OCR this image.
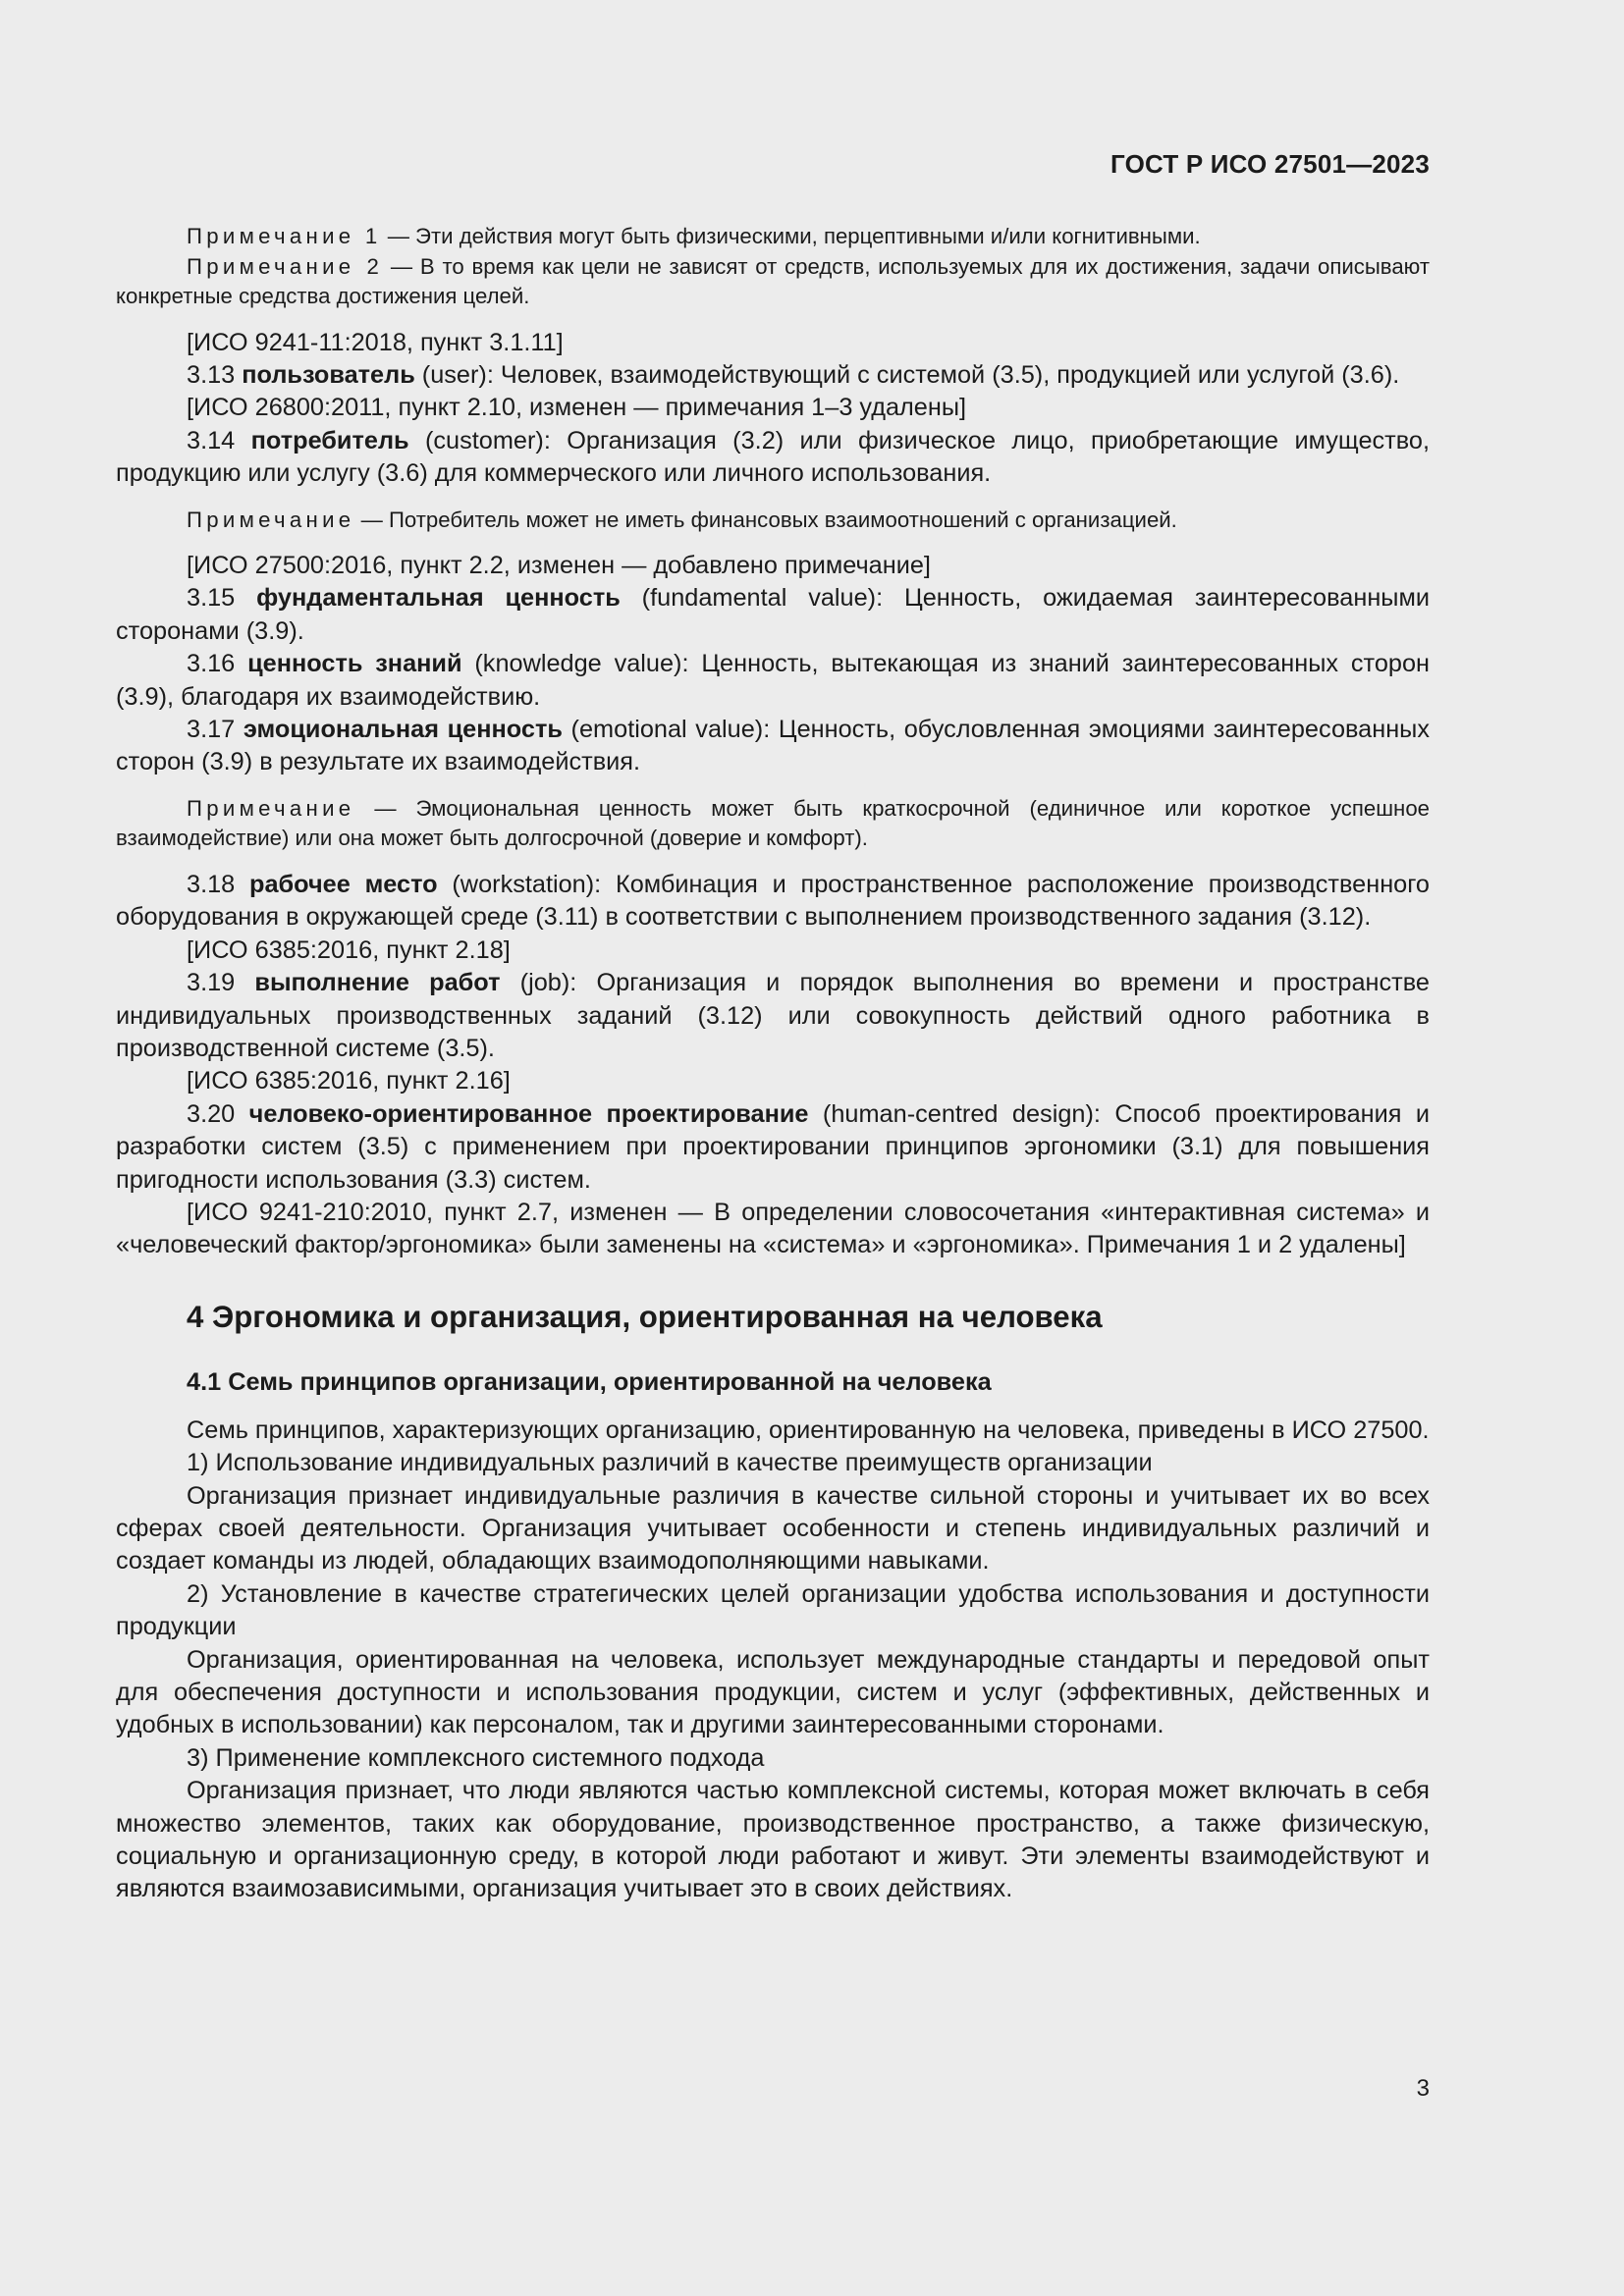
ГОСТ Р ИСО 27501—2023

Примечание 1 — Эти действия могут быть физическими, перцептивными и/или когнитивными.

Примечание 2 — В то время как цели не зависят от средств, используемых для их достижения, задачи описывают конкретные средства достижения целей.

[ИСО 9241-11:2018, пункт 3.1.11]

3.13 пользователь (user): Человек, взаимодействующий с системой (3.5), продукцией или услугой (3.6).

[ИСО 26800:2011, пункт 2.10, изменен — примечания 1–3 удалены]

3.14 потребитель (customer): Организация (3.2) или физическое лицо, приобретающие имущество, продукцию или услугу (3.6) для коммерческого или личного использования.

Примечание — Потребитель может не иметь финансовых взаимоотношений с организацией.

[ИСО 27500:2016, пункт 2.2, изменен — добавлено примечание]

3.15 фундаментальная ценность (fundamental value): Ценность, ожидаемая заинтересованными сторонами (3.9).

3.16 ценность знаний (knowledge value): Ценность, вытекающая из знаний заинтересованных сторон (3.9), благодаря их взаимодействию.

3.17 эмоциональная ценность (emotional value): Ценность, обусловленная эмоциями заинтересованных сторон (3.9) в результате их взаимодействия.

Примечание — Эмоциональная ценность может быть краткосрочной (единичное или короткое успешное взаимодействие) или она может быть долгосрочной (доверие и комфорт).

3.18 рабочее место (workstation): Комбинация и пространственное расположение производственного оборудования в окружающей среде (3.11) в соответствии с выполнением производственного задания (3.12).

[ИСО 6385:2016, пункт 2.18]

3.19 выполнение работ (job): Организация и порядок выполнения во времени и пространстве индивидуальных производственных заданий (3.12) или совокупность действий одного работника в производственной системе (3.5).

[ИСО 6385:2016, пункт 2.16]

3.20 человеко-ориентированное проектирование (human-centred design): Способ проектирования и разработки систем (3.5) с применением при проектировании принципов эргономики (3.1) для повышения пригодности использования (3.3) систем.

[ИСО 9241-210:2010, пункт 2.7, изменен — В определении словосочетания «интерактивная система» и «человеческий фактор/эргономика» были заменены на «система» и «эргономика». Примечания 1 и 2 удалены]

4 Эргономика и организация, ориентированная на человека
4.1 Семь принципов организации, ориентированной на человека

Семь принципов, характеризующих организацию, ориентированную на человека, приведены в ИСО 27500.

1) Использование индивидуальных различий в качестве преимуществ организации

Организация признает индивидуальные различия в качестве сильной стороны и учитывает их во всех сферах своей деятельности. Организация учитывает особенности и степень индивидуальных различий и создает команды из людей, обладающих взаимодополняющими навыками.

2) Установление в качестве стратегических целей организации удобства использования и доступности продукции

Организация, ориентированная на человека, использует международные стандарты и передовой опыт для обеспечения доступности и использования продукции, систем и услуг (эффективных, действенных и удобных в использовании) как персоналом, так и другими заинтересованными сторонами.

3) Применение комплексного системного подхода

Организация признает, что люди являются частью комплексной системы, которая может включать в себя множество элементов, таких как оборудование, производственное пространство, а также физическую, социальную и организационную среду, в которой люди работают и живут. Эти элементы взаимодействуют и являются взаимозависимыми, организация учитывает это в своих действиях.

3
